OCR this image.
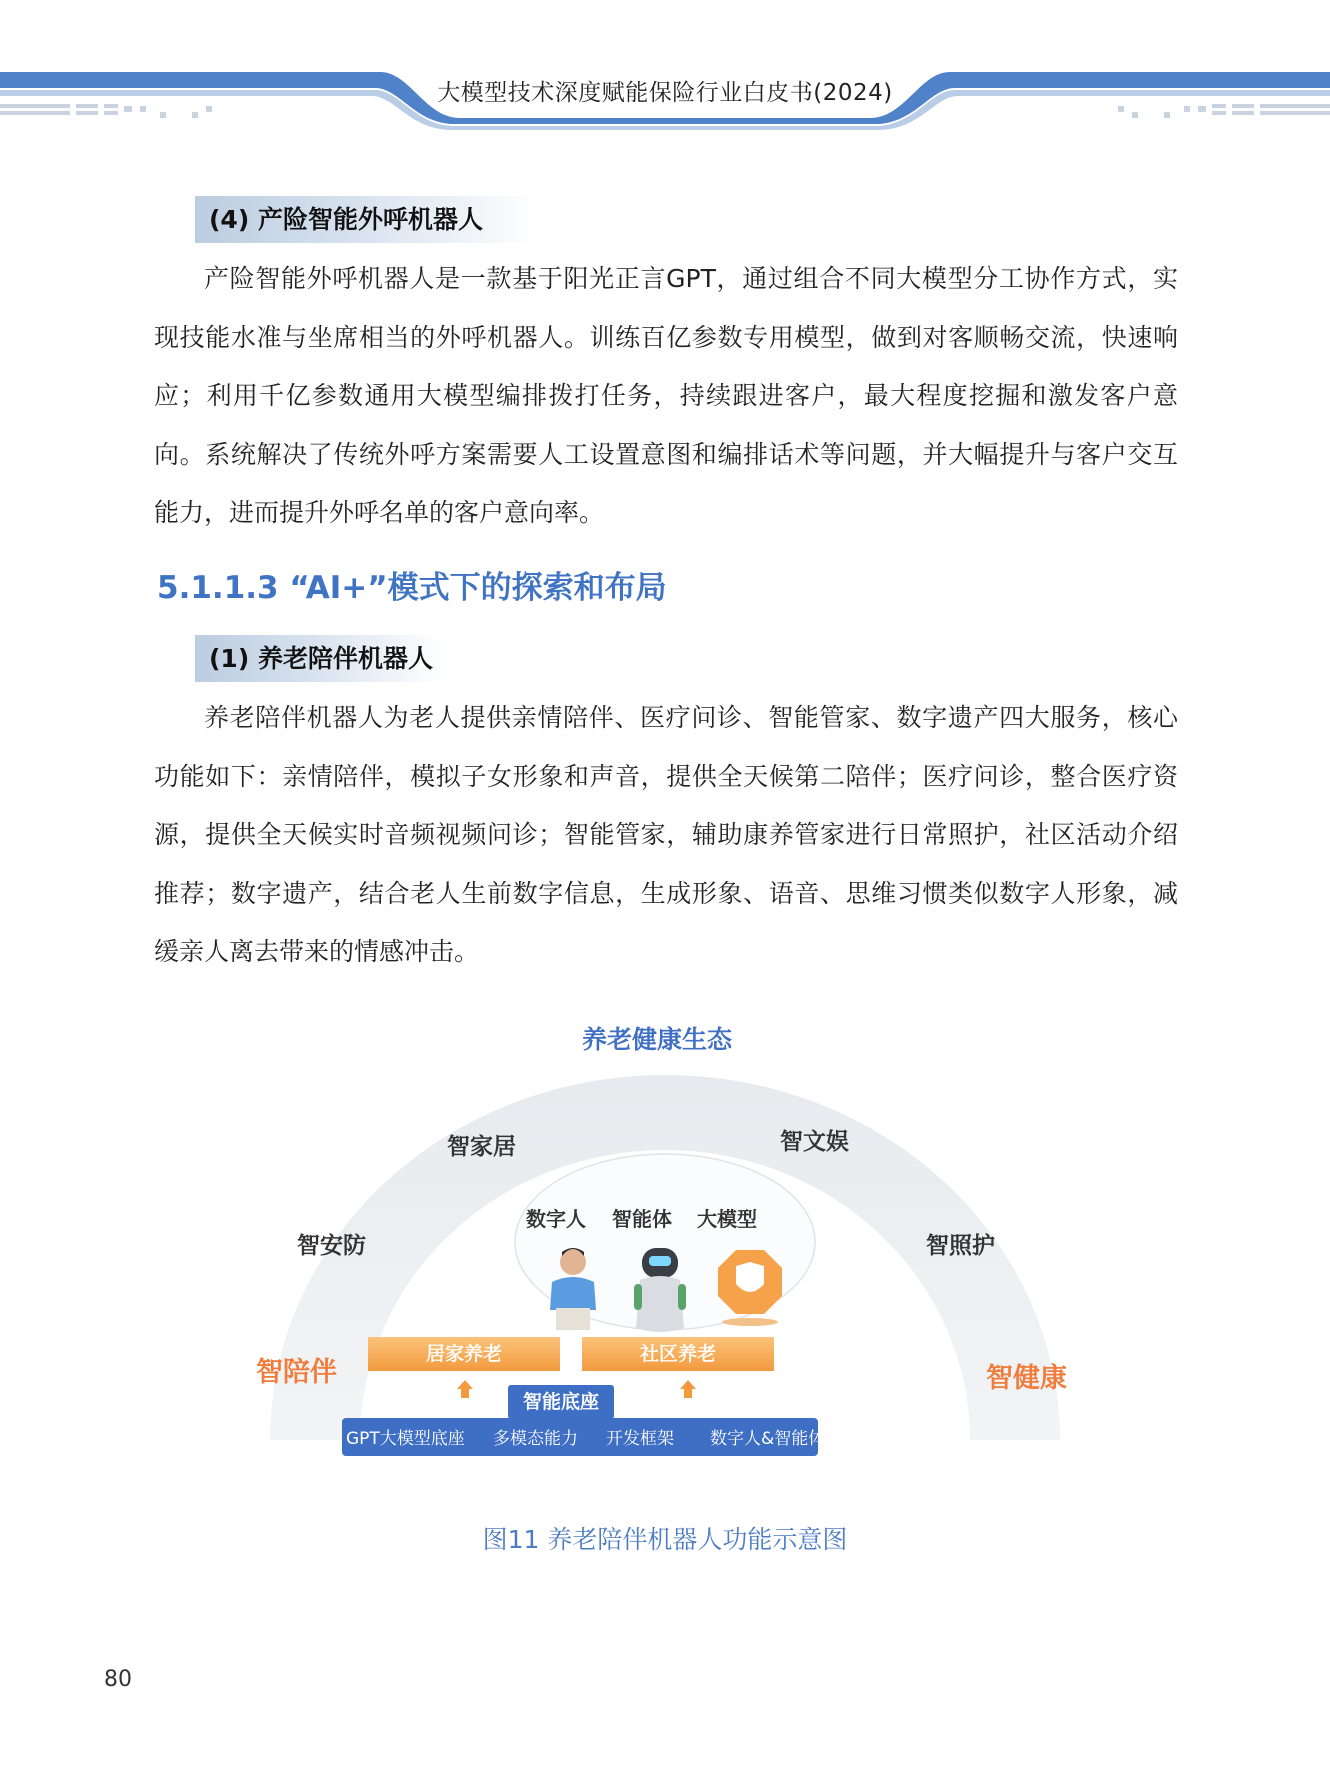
大模型技术深度赋能保险行业白皮书(2024)
(4) 产险智能外呼机器人
产险智能外呼机器人是一款基于阳光正言GPT，通过组合不同大模型分工协作方式，实现技能水准与坐席相当的外呼机器人。训练百亿参数专用模型，做到对客顺畅交流，快速响应；利用千亿参数通用大模型编排拨打任务，持续跟进客户，最大程度挖掘和激发客户意向。系统解决了传统外呼方案需要人工设置意图和编排话术等问题，并大幅提升与客户交互能力，进而提升外呼名单的客户意向率。
5.1.1.3 “AI+”模式下的探索和布局
(1) 养老陪伴机器人
养老陪伴机器人为老人提供亲情陪伴、医疗问诊、智能管家、数字遗产四大服务，核心功能如下：亲情陪伴，模拟子女形象和声音，提供全天候第二陪伴；医疗问诊，整合医疗资源，提供全天候实时音频视频问诊；智能管家，辅助康养管家进行日常照护，社区活动介绍推荐；数字遗产，结合老人生前数字信息，生成形象、语音、思维习惯类似数字人形象，减缓亲人离去带来的情感冲击。
养老健康生态
智家居	智文娱
智安防	智照护
智陪伴	智健康
数字人 智能体 大模型
居家养老	社区养老
智能底座
GPT大模型底座 多模态能力 开发框架 数字人&智能体
图11 养老陪伴机器人功能示意图
80
